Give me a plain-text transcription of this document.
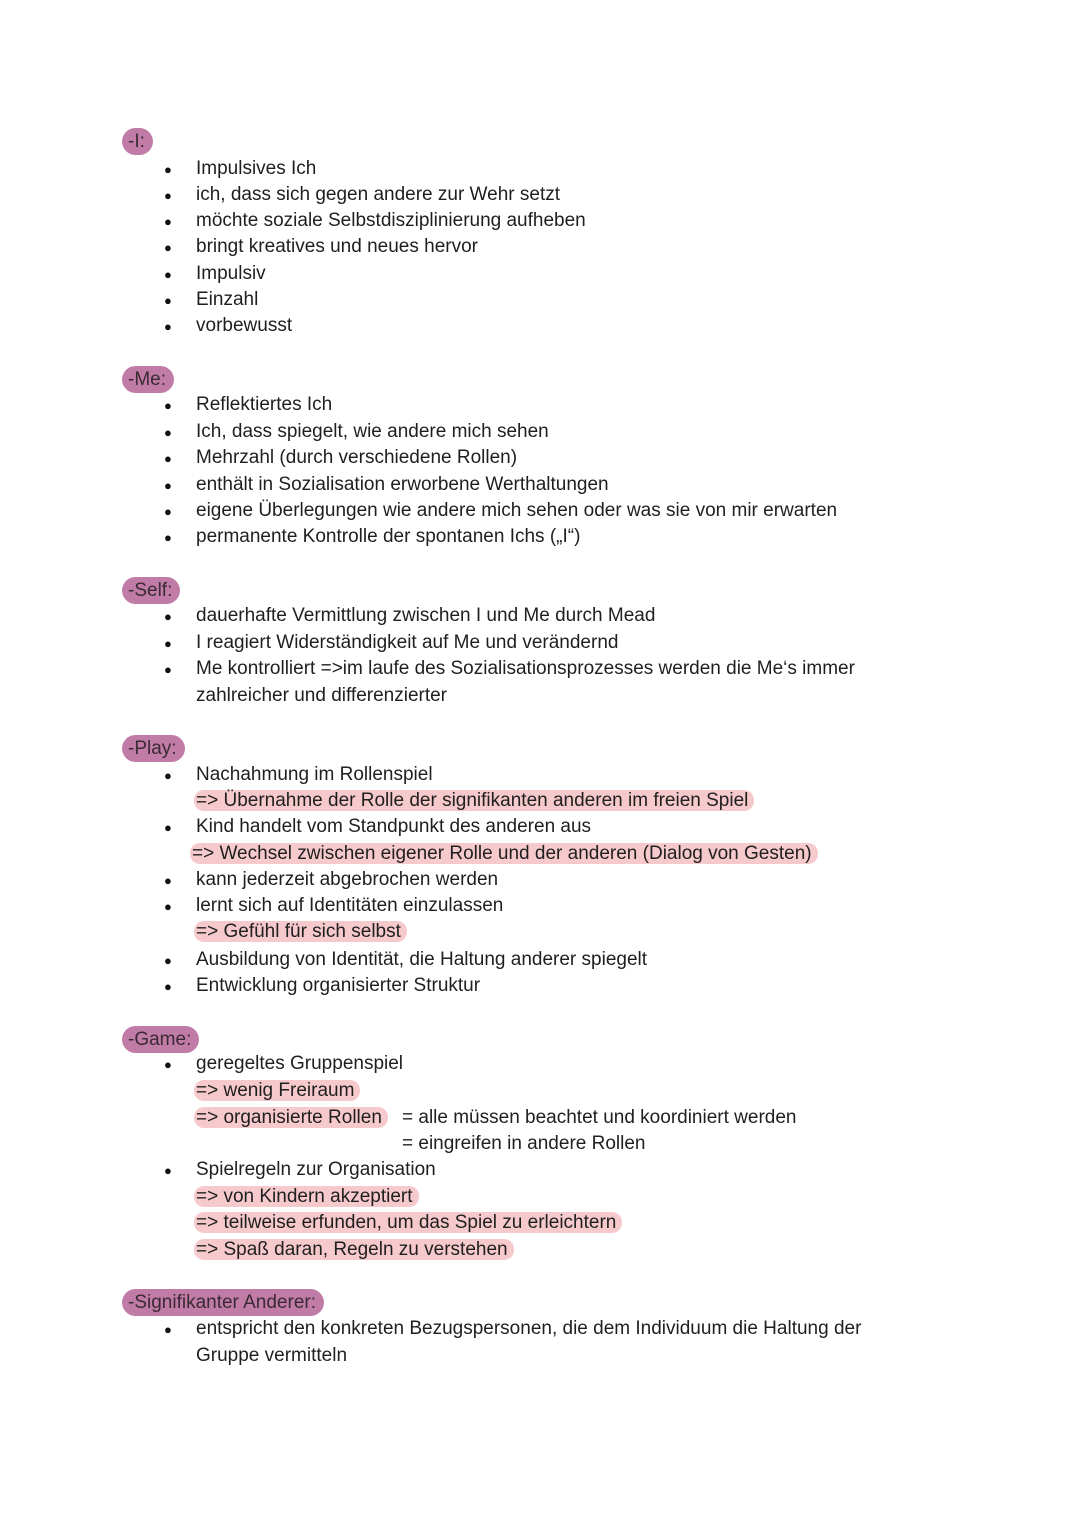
-I:
●
Impulsives Ich
●
ich, dass sich gegen andere zur Wehr setzt
●
möchte soziale Selbstdisziplinierung aufheben
●
bringt kreatives und neues hervor
●
Impulsiv
●
Einzahl
●
vorbewusst
-Me:
●
Reflektiertes Ich
●
Ich, dass spiegelt, wie andere mich sehen
●
Mehrzahl (durch verschiedene Rollen)
●
enthält in Sozialisation erworbene Werthaltungen
●
eigene Überlegungen wie andere mich sehen oder was sie von mir erwarten
●
permanente Kontrolle der spontanen Ichs („I“)
-Self:
●
dauerhafte Vermittlung zwischen I und Me durch Mead
●
I reagiert Widerständigkeit auf Me und verändernd
●
Me kontrolliert =>im laufe des Sozialisationsprozesses werden die Me‘s immer
zahlreicher und differenzierter
-Play:
●
Nachahmung im Rollenspiel
=> Übernahme der Rolle der signifikanten anderen im freien Spiel
●
Kind handelt vom Standpunkt des anderen aus
=> Wechsel zwischen eigener Rolle und der anderen (Dialog von Gesten)
●
kann jederzeit abgebrochen werden
●
lernt sich auf Identitäten einzulassen
=> Gefühl für sich selbst
●
Ausbildung von Identität, die Haltung anderer spiegelt
●
Entwicklung organisierter Struktur
-Game:
●
geregeltes Gruppenspiel
=> wenig Freiraum
=> organisierte Rollen	= alle müssen beachtet und koordiniert werden
= eingreifen in andere Rollen
●
Spielregeln zur Organisation
=> von Kindern akzeptiert
=> teilweise erfunden, um das Spiel zu erleichtern
=> Spaß daran, Regeln zu verstehen
-Signifikanter Anderer:
●
entspricht den konkreten Bezugspersonen, die dem Individuum die Haltung der
Gruppe vermitteln
